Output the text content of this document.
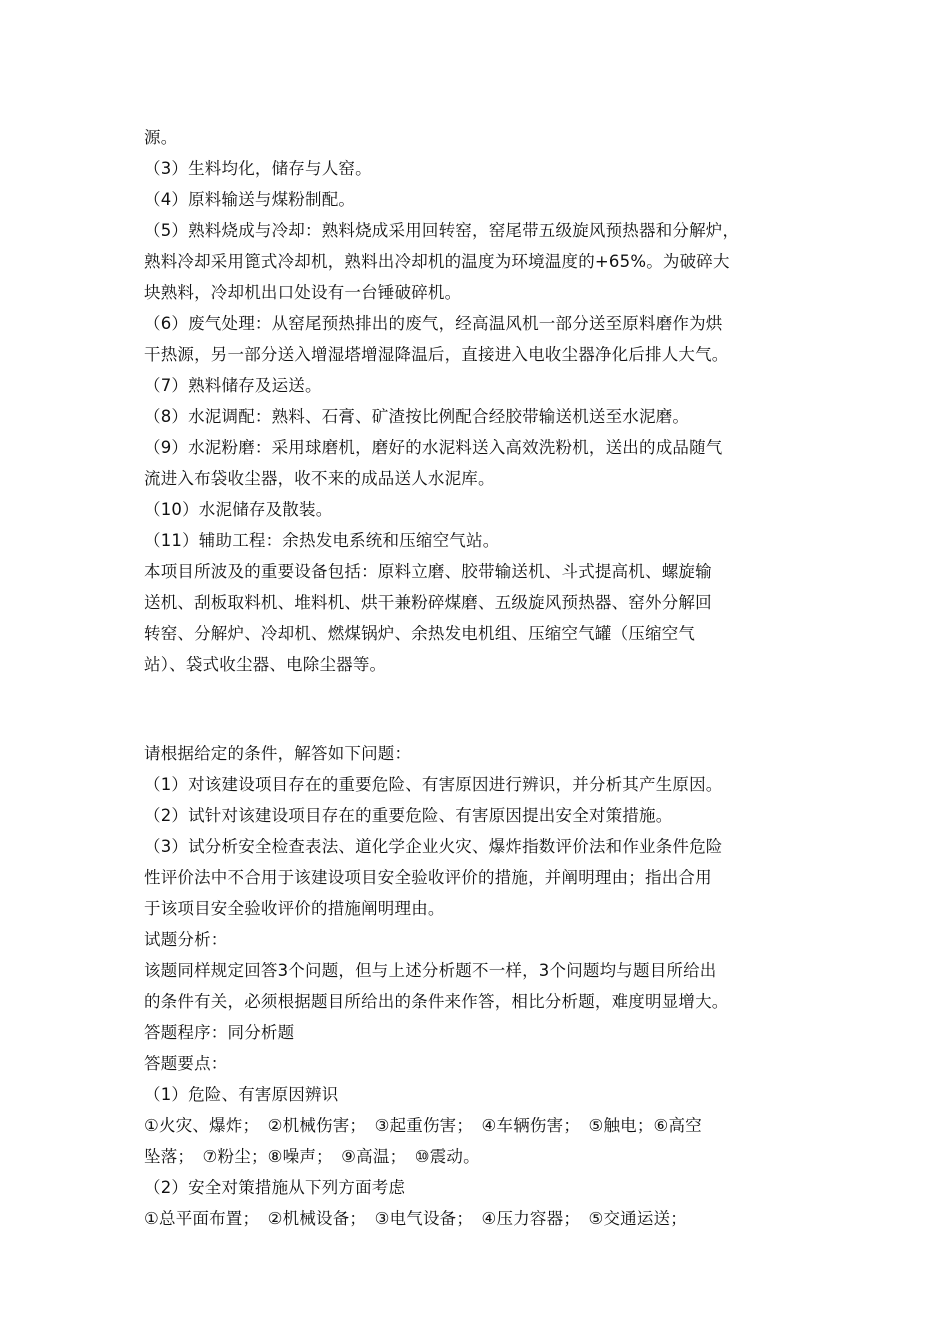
源。
（3）生料均化，储存与人窑。
（4）原料输送与煤粉制配。
（5）熟料烧成与冷却：熟料烧成采用回转窑，窑尾带五级旋风预热器和分解炉，
熟料冷却采用篦式冷却机，熟料出冷却机的温度为环境温度的+65%。为破碎大
块熟料，冷却机出口处设有一台锤破碎机。
（6）废气处理：从窑尾预热排出的废气，经高温风机一部分送至原料磨作为烘
干热源，另一部分送入增湿塔增湿降温后，直接进入电收尘器净化后排人大气。
（7）熟料储存及运送。
（8）水泥调配：熟料、石膏、矿渣按比例配合经胶带输送机送至水泥磨。
（9）水泥粉磨：采用球磨机，磨好的水泥料送入高效洗粉机，送出的成品随气
流进入布袋收尘器，收不来的成品送人水泥库。
（10）水泥储存及散装。
（11）辅助工程：余热发电系统和压缩空气站。
本项目所波及的重要设备包括：原料立磨、胶带输送机、斗式提高机、螺旋输
送机、刮板取料机、堆料机、烘干兼粉碎煤磨、五级旋风预热器、窑外分解回
转窑、分解炉、冷却机、燃煤锅炉、余热发电机组、压缩空气罐（压缩空气
站）、袋式收尘器、电除尘器等。
请根据给定的条件，解答如下问题：
（1）对该建设项目存在的重要危险、有害原因进行辨识，并分析其产生原因。
（2）试针对该建设项目存在的重要危险、有害原因提出安全对策措施。
（3）试分析安全检查表法、道化学企业火灾、爆炸指数评价法和作业条件危险
性评价法中不合用于该建设项目安全验收评价的措施，并阐明理由；指出合用
于该项目安全验收评价的措施阐明理由。
试题分析：
该题同样规定回答3个问题，但与上述分析题不一样，3个问题均与题目所给出
的条件有关，必须根据题目所给出的条件来作答，相比分析题，难度明显增大。
答题程序：同分析题
答题要点：
（1）危险、有害原因辨识
①火灾、爆炸；　②机械伤害；　③起重伤害；　④车辆伤害；　⑤触电；⑥高空
坠落；　⑦粉尘；⑧噪声；　⑨高温；　⑩震动。
（2）安全对策措施从下列方面考虑
①总平面布置；　②机械设备；　③电气设备；　④压力容器；　⑤交通运送；
